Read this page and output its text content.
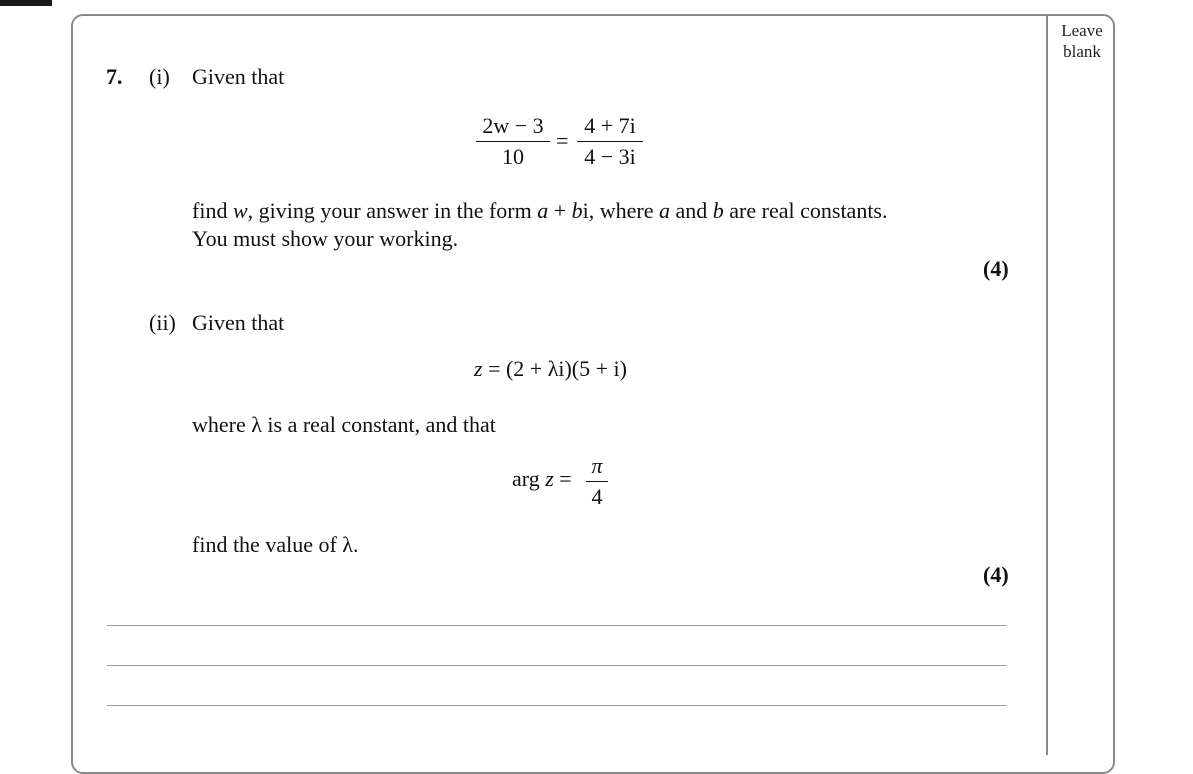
Leave
blank
7. (i) Given that
2w − 3
10
=
4 + 7i
4 − 3i
find w, giving your answer in the form a + bi, where a and b are real constants.
You must show your working.
(4)
(ii) Given that
z = (2 + λi)(5 + i)
where λ is a real constant, and that
arg z =
π
4
find the value of λ.
(4)
